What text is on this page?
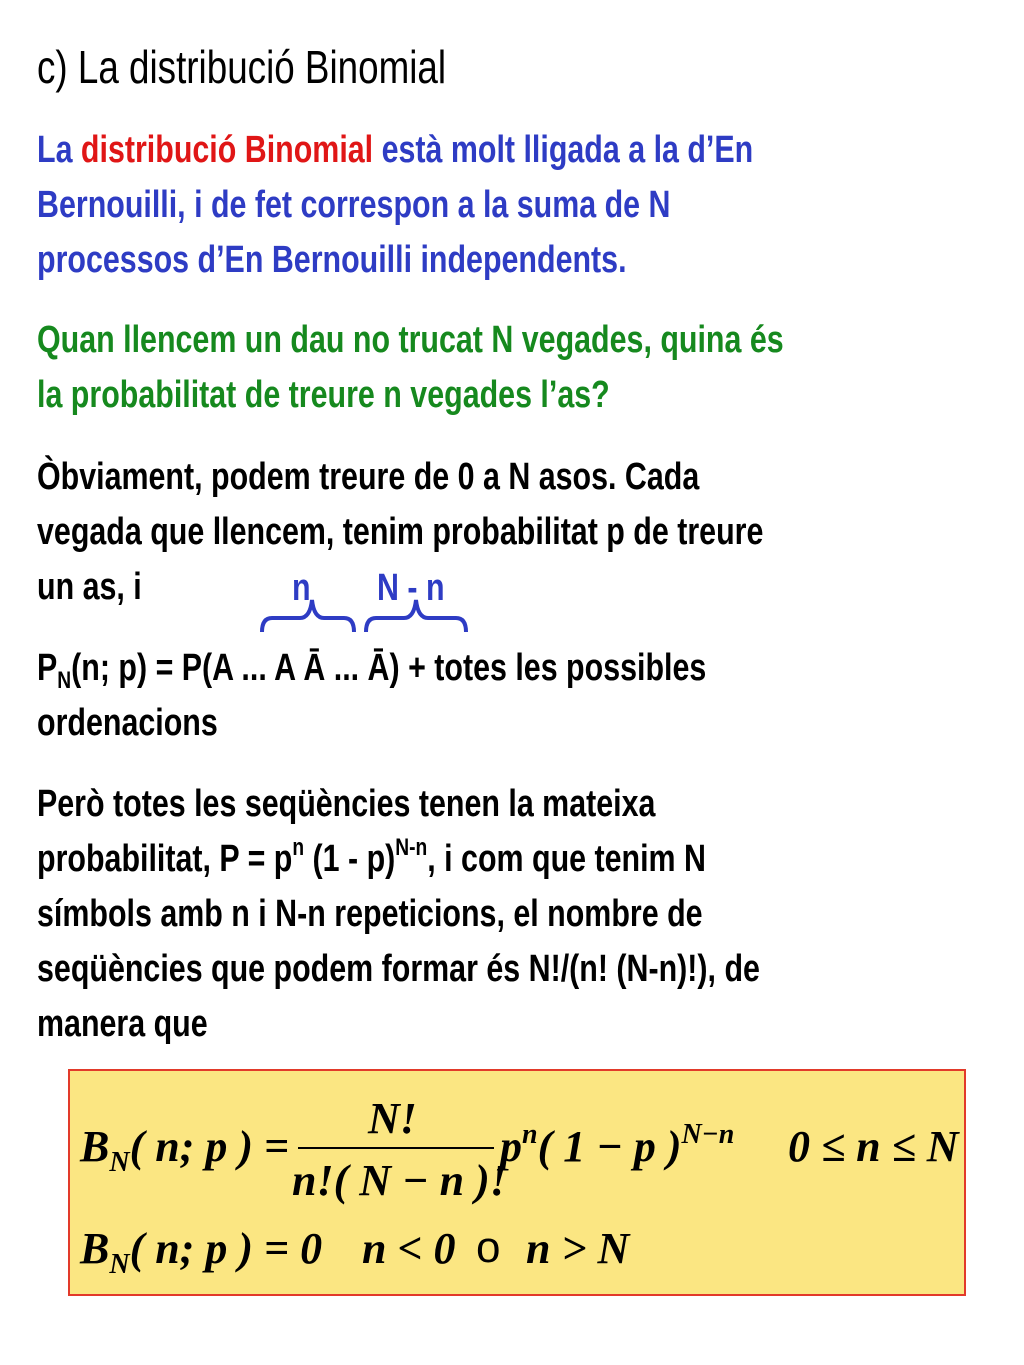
c) La distribució Binomial
La distribució Binomial està molt lligada a la d’En
Bernouilli, i de fet correspon a la suma de N
processos d’En Bernouilli independents.
Quan llencem un dau no trucat N vegades, quina és
la probabilitat de treure n vegades l’as?
Òbviament, podem treure de 0 a N asos. Cada
vegada que llencem, tenim probabilitat p de treure
un as, i	n N - n
$P_N(n$; p) = P(A ... A Ā ... Ā) + totes les possibles
ordenacions
Però totes les seqüències tenen la mateixa
probabilitat, $P = p^n$ (1 - p)$^{N-n}$, i com que tenim N
símbols amb n i N-n repeticions, el nombre de
seqüències que podem formar és N!/(n! (N-n)!), de
manera que
$B_N$( n; p ) =
N!
n!( N − n )!
$p^n$( 1 − p )$^{N-n}$ 0 ≤ n ≤ N
$B_N$( n; p ) = 0 n < 0 o n > N
